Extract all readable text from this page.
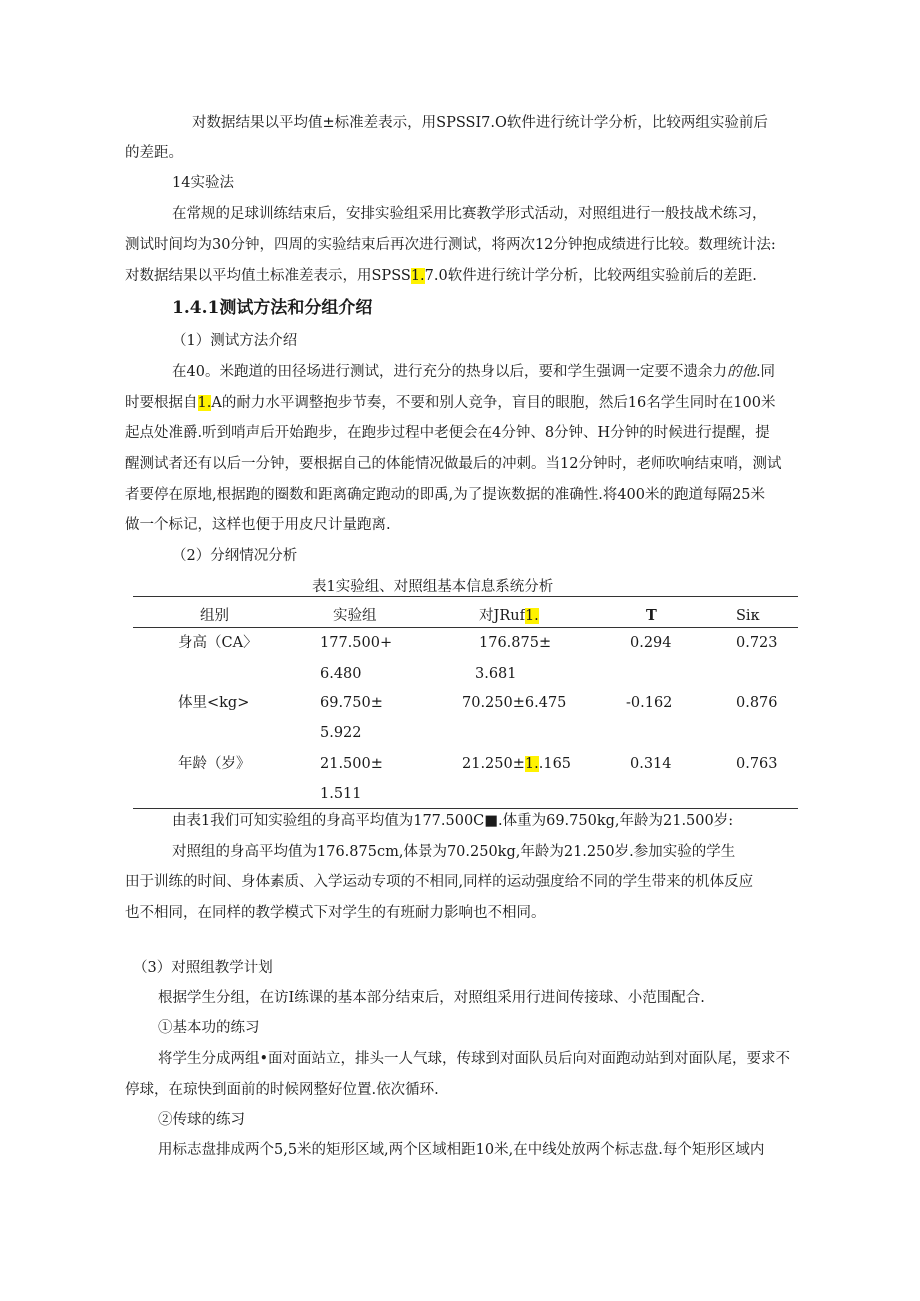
对数据结果以平均值±标准差表示，用SPSSI7.O软件进行统计学分析，比较两组实验前后
的差距。
14实验法
在常规的足球训练结束后，安排实验组采用比赛教学形式活动，对照组进行一般技战术练习，
测试时间均为30分钟，四周的实验结束后再次进行测试，将两次12分钟抱成绩进行比较。数理统计法:
对数据结果以平均值土标准差表示，用SPSS1.7.0软件进行统计学分析，比较两组实验前后的差距.
1.4.1测试方法和分组介绍
（1）测试方法介绍
在40。米跑道的田径场进行测试，进行充分的热身以后，要和学生强调一定要不遗余力的他.同
时要根据自1.A的耐力水平调整抱步节奏，不要和别人竞争，盲目的眼胞，然后16名学生同时在100米
起点处准爵.听到哨声后开始跑步，在跑步过程中老便会在4分钟、8分钟、H分钟的时候进行提醒，提
醒测试者还有以后一分钟，要根据自己的体能情况做最后的冲刺。当12分钟时，老师吹响结束哨，测试
者要停在原地,根据跑的圈数和距离确定跑动的即禹,为了提诙数据的准确性.将400米的跑道每隔25米
做一个标记，这样也便于用皮尺计量跑离.
（2）分纲情况分析
表1实验组、对照组基本信息系统分析
组别	实验组	对JRuf1.	T	Siκ
身高（CA〉	177.500+	176.875±	0.294	0.723
6.480	3.681
体里<kg>	69.750±	70.250±6.475	-0.162	0.876
5.922
年龄（岁》	21.500±	21.250±1..165	0.314	0.763
1.511
由表1我们可知实验组的身高平均值为177.500C■.体重为69.750kg,年龄为21.500岁:
对照组的身高平均值为176.875cm,体景为70.250kg,年龄为21.250岁.参加实验的学生
田于训练的时间、身体素质、入学运动专项的不相同,同样的运动强度给不同的学生带来的机体反应
也不相同，在同样的教学模式下对学生的有班耐力影响也不相同。
（3）对照组教学计划
根据学生分组，在访I练课的基本部分结束后，对照组采用行进间传接球、小范围配合.
①基本功的练习
将学生分成两组•面对面站立，排头一人气球，传球到对面队员后向对面跑动站到对面队尾，要求不
停球，在琼快到面前的时候网整好位置.依次循环.
②传球的练习
用标志盘排成两个5,5米的矩形区域,两个区域相距10米,在中线处放两个标志盘.每个矩形区域内
